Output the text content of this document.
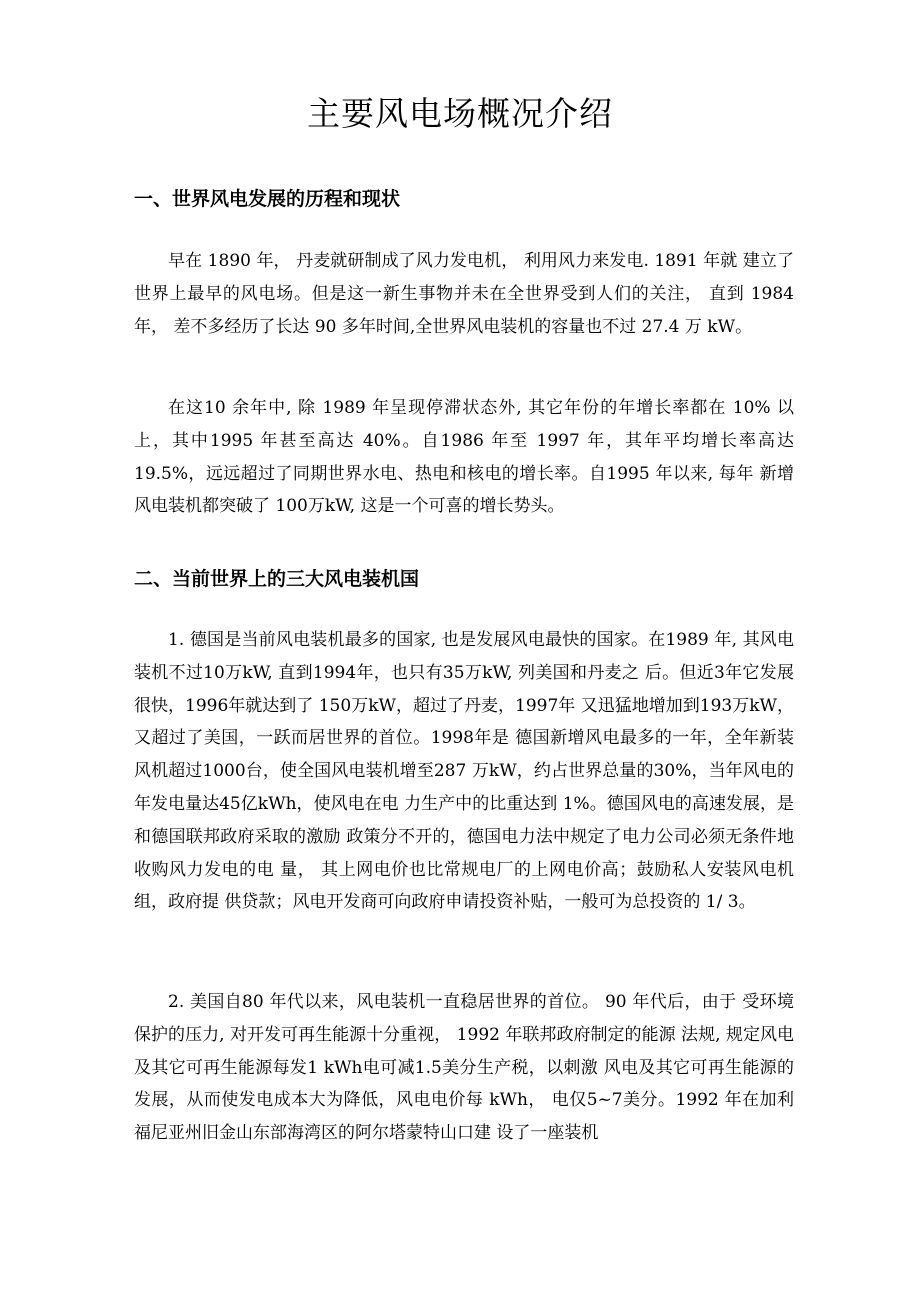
主要风电场概况介绍
一、世界风电发展的历程和现状

早在 1890 年， 丹麦就研制成了风力发电机， 利用风力来发电. 1891 年就 建立了世界上最早的风电场。但是这一新生事物并未在全世界受到人们的关注， 直到 1984 年， 差不多经历了长达 90 多年时间,全世界风电装机的容量也不过 27.4 万 kW。

在这10 余年中, 除 1989 年呈现停滞状态外, 其它年份的年增长率都在 10% 以上，其中1995 年甚至高达 40%。自1986 年至 1997 年，其年平均增长率高达 19.5%，远远超过了同期世界水电、热电和核电的增长率。自1995 年以来, 每年 新增风电装机都突破了 100万kW, 这是一个可喜的增长势头。

二、当前世界上的三大风电装机国

1. 德国是当前风电装机最多的国家, 也是发展风电最快的国家。在1989 年, 其风电装机不过10万kW, 直到1994年，也只有35万kW, 列美国和丹麦之 后。但近3年它发展很快，1996年就达到了 150万kW，超过了丹麦，1997年 又迅猛地增加到193万kW，又超过了美国，一跃而居世界的首位。1998年是 德国新增风电最多的一年，全年新装风机超过1000台，使全国风电装机增至287 万kW，约占世界总量的30%，当年风电的年发电量达45亿kWh，使风电在电 力生产中的比重达到 1%。德国风电的高速发展，是和德国联邦政府采取的激励 政策分不开的，德国电力法中规定了电力公司必须无条件地收购风力发电的电 量， 其上网电价也比常规电厂的上网电价高；鼓励私人安装风电机组，政府提 供贷款；风电开发商可向政府申请投资补贴，一般可为总投资的 1/ 3。

2. 美国自80 年代以来，风电装机一直稳居世界的首位。 90 年代后，由于 受环境保护的压力, 对开发可再生能源十分重视， 1992 年联邦政府制定的能源 法规, 规定风电及其它可再生能源每发1 kWh电可减1.5美分生产税，以刺激 风电及其它可再生能源的发展，从而使发电成本大为降低，风电电价每 kWh， 电仅5~7美分。1992 年在加利福尼亚州旧金山东部海湾区的阿尔塔蒙特山口建 设了一座装机
